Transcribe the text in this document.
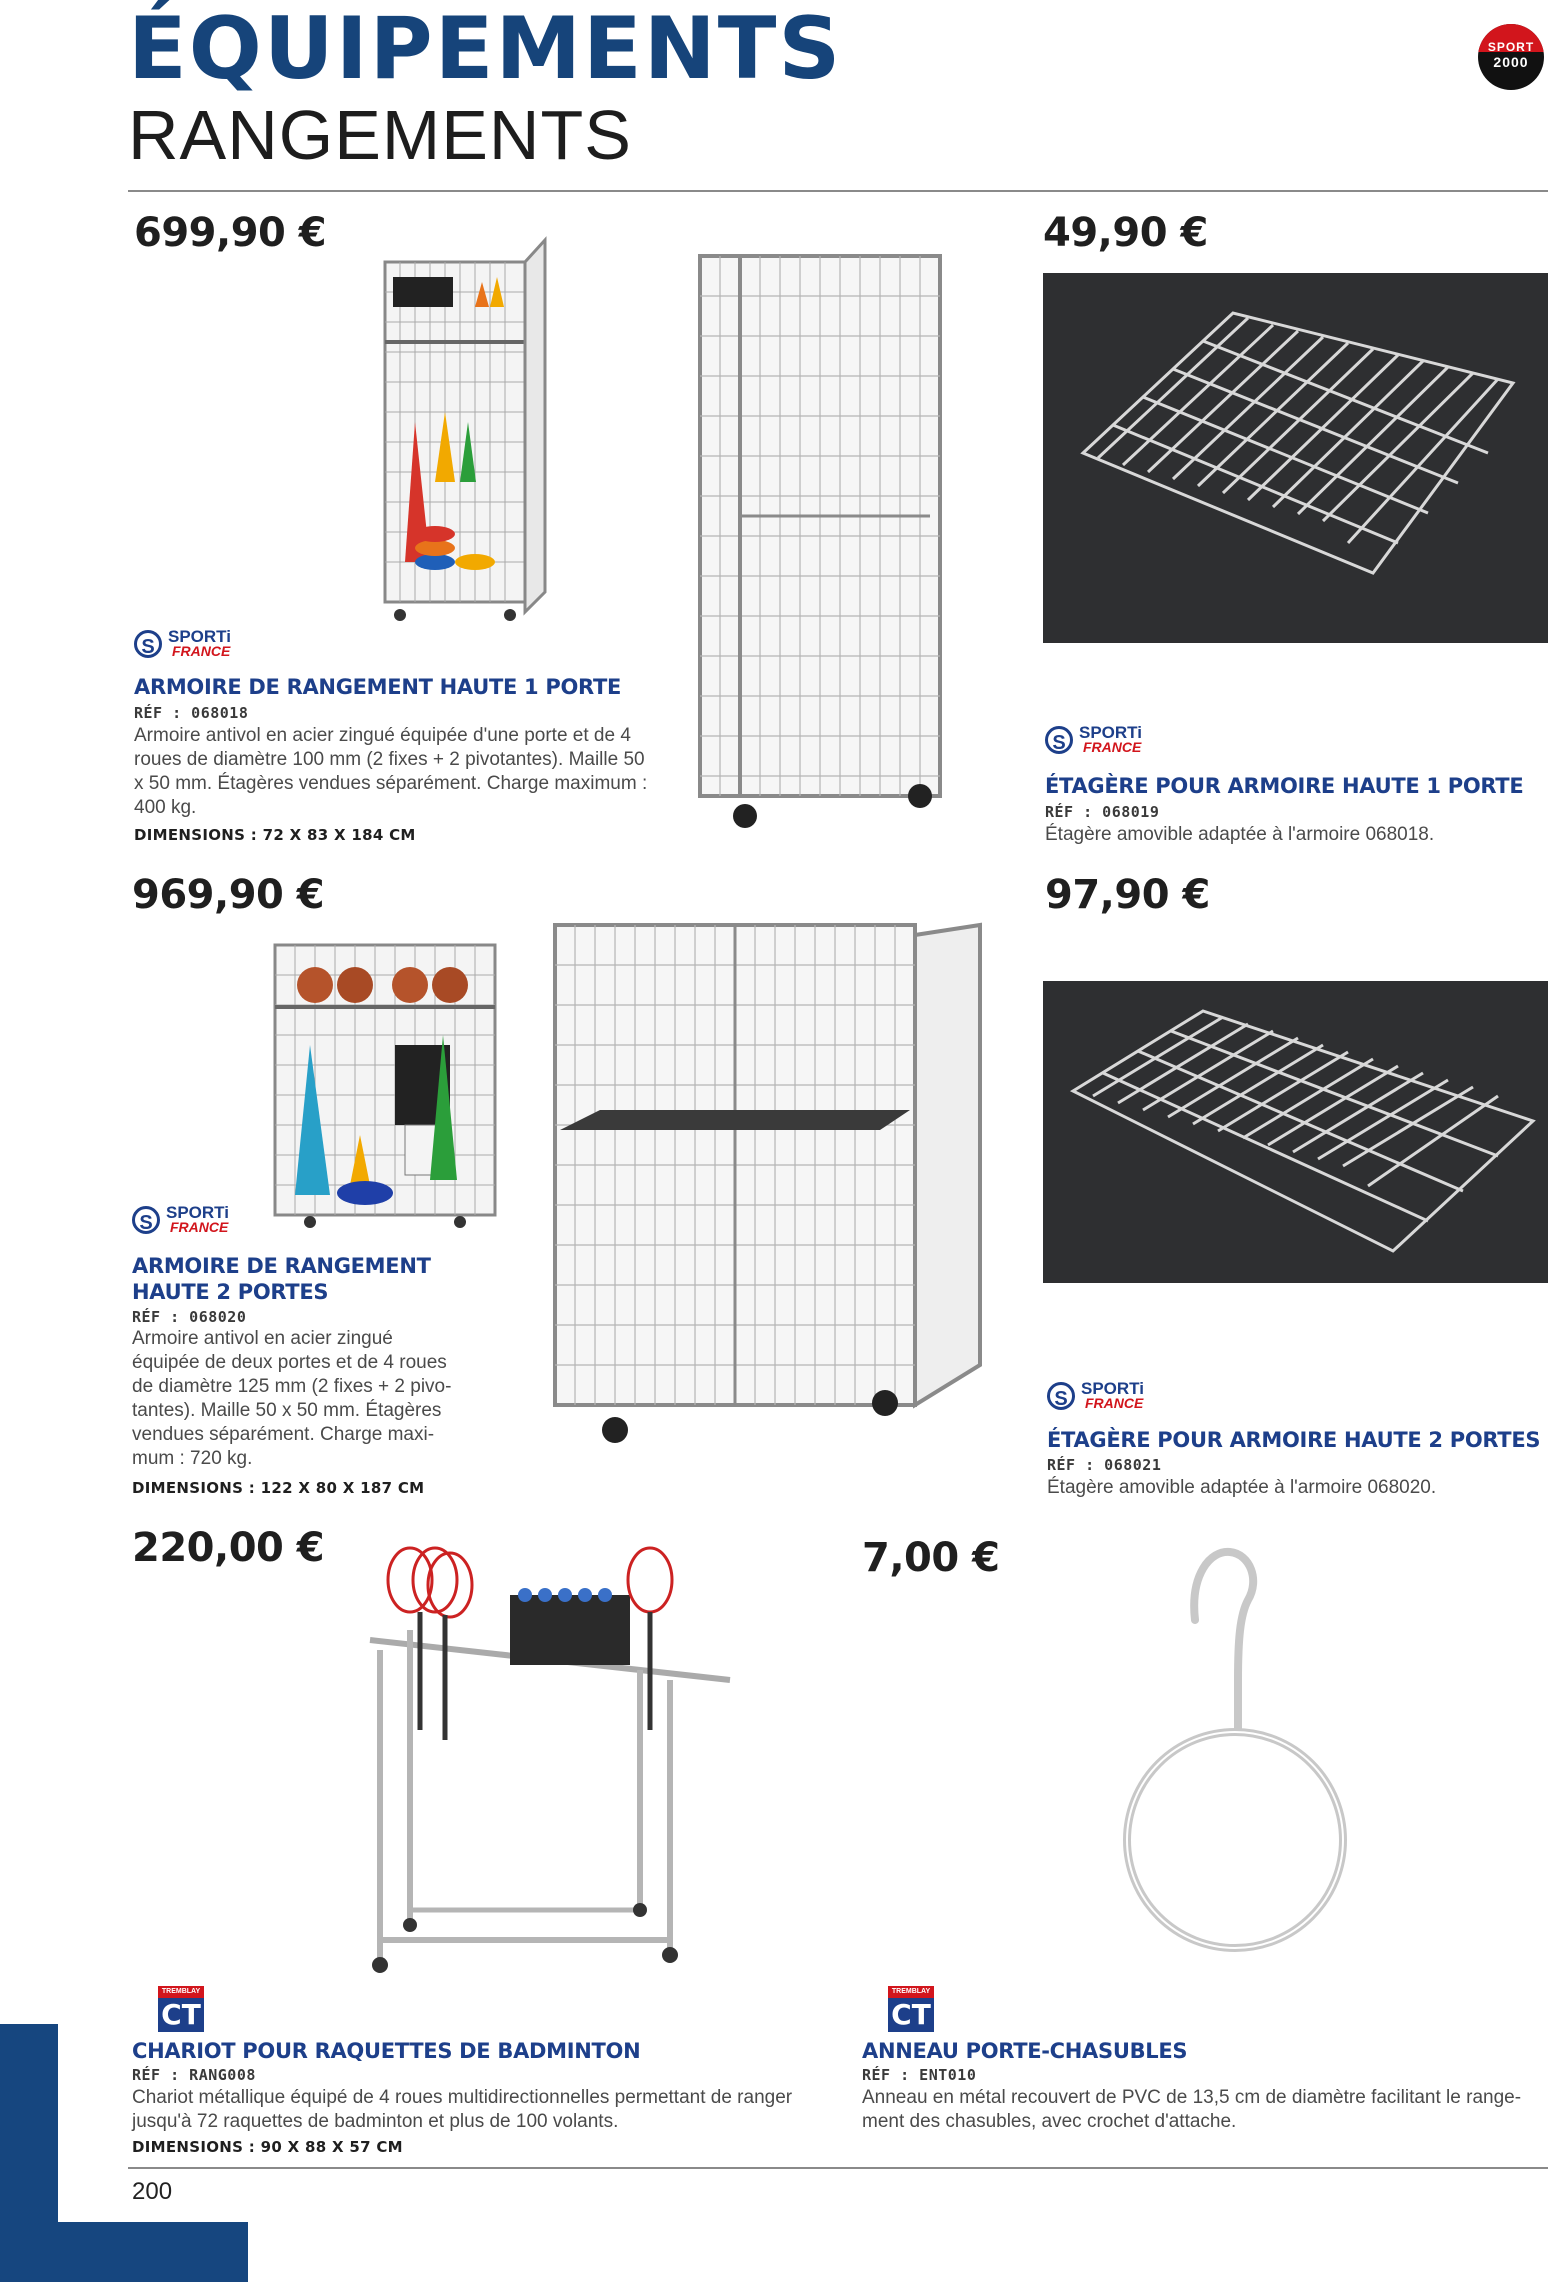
ÉQUIPEMENTS
RANGEMENTS
SPORT
2000
699,90 €
S SPORTi
FRANCE
ARMOIRE DE RANGEMENT HAUTE 1 PORTE
RÉF : 068018
Armoire antivol en acier zingué équipée d'une porte et de 4
roues de diamètre 100 mm (2 fixes + 2 pivotantes). Maille 50
x 50 mm. Étagères vendues séparément. Charge maximum :
400 kg.
DIMENSIONS : 72 X 83 X 184 CM
49,90 €
S SPORTi
FRANCE
ÉTAGÈRE POUR ARMOIRE HAUTE 1 PORTE
RÉF : 068019
Étagère amovible adaptée à l'armoire 068018.
969,90 €
S SPORTi
FRANCE
ARMOIRE DE RANGEMENT
HAUTE 2 PORTES
RÉF : 068020
Armoire antivol en acier zingué
équipée de deux portes et de 4 roues
de diamètre 125 mm (2 fixes + 2 pivo-
tantes). Maille 50 x 50 mm. Étagères
vendues séparément. Charge maxi-
mum : 720 kg.
DIMENSIONS : 122 X 80 X 187 CM
97,90 €
S SPORTi
FRANCE
ÉTAGÈRE POUR ARMOIRE HAUTE 2 PORTES
RÉF : 068021
Étagère amovible adaptée à l'armoire 068020.
220,00 €
TREMBLAY
CT
CHARIOT POUR RAQUETTES DE BADMINTON
RÉF : RANG008
Chariot métallique équipé de 4 roues multidirectionnelles permettant de ranger
jusqu'à 72 raquettes de badminton et plus de 100 volants.
DIMENSIONS : 90 X 88 X 57 CM
7,00 €
TREMBLAY
CT
ANNEAU PORTE-CHASUBLES
RÉF : ENT010
Anneau en métal recouvert de PVC de 13,5 cm de diamètre facilitant le range-
ment des chasubles, avec crochet d'attache.
200
